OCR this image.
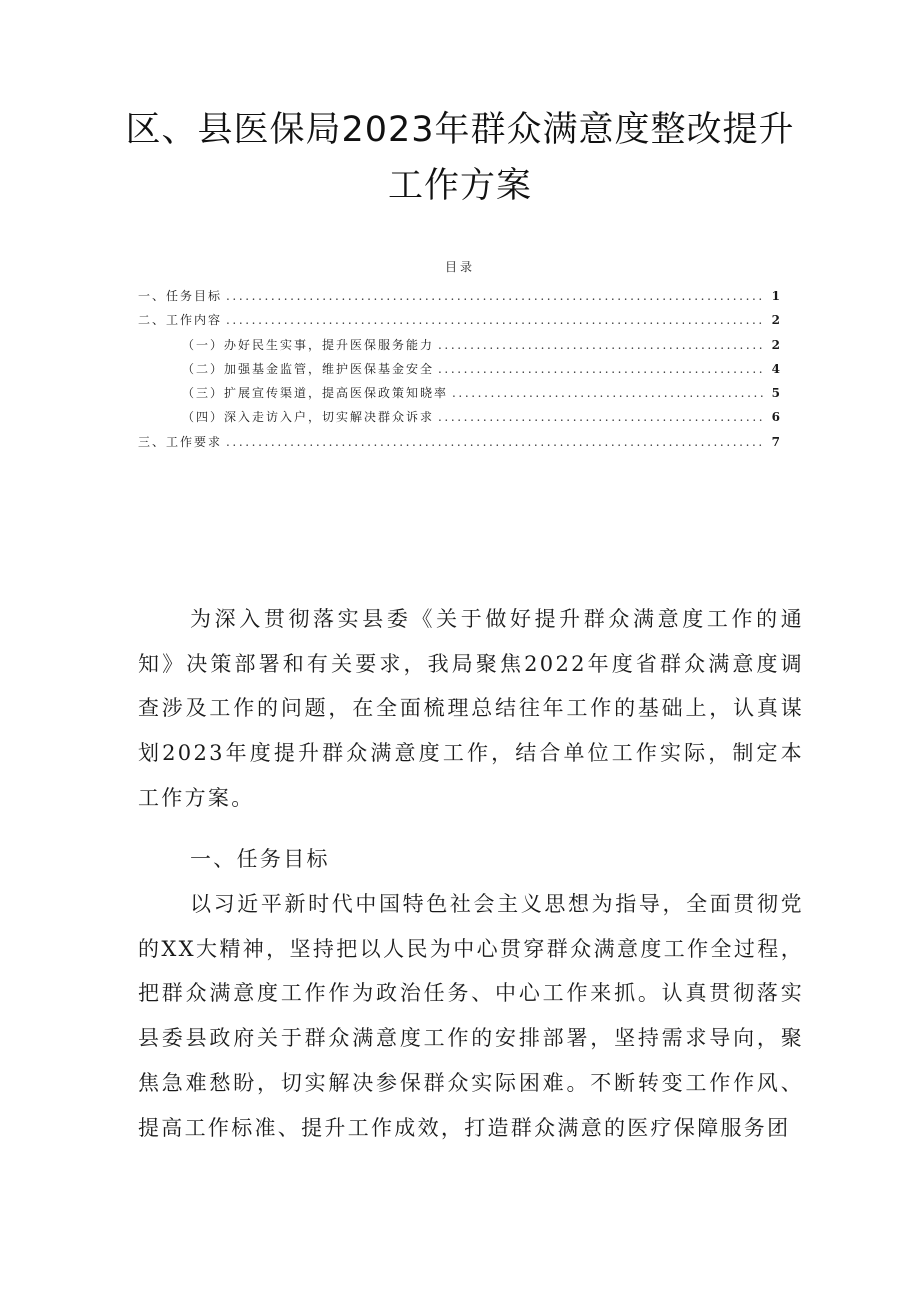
区、县医保局2023年群众满意度整改提升
工作方案
目录
一、任务目标 .....	1
二、工作内容 .....	2
（一）办好民生实事，提升医保服务能力 .....	2
（二）加强基金监管，维护医保基金安全 .....	4
（三）扩展宣传渠道，提高医保政策知晓率 .....	5
（四）深入走访入户，切实解决群众诉求 .....	6
三、工作要求 .....	7

为深入贯彻落实县委《关于做好提升群众满意度工作的通知》决策部署和有关要求，我局聚焦2022年度省群众满意度调查涉及工作的问题，在全面梳理总结往年工作的基础上，认真谋划2023年度提升群众满意度工作，结合单位工作实际，制定本工作方案。

一、任务目标

以习近平新时代中国特色社会主义思想为指导，全面贯彻党的XX大精神，坚持把以人民为中心贯穿群众满意度工作全过程，把群众满意度工作作为政治任务、中心工作来抓。认真贯彻落实县委县政府关于群众满意度工作的安排部署，坚持需求导向，聚焦急难愁盼，切实解决参保群众实际困难。不断转变工作作风、提高工作标准、提升工作成效，打造群众满意的医疗保障服务团
